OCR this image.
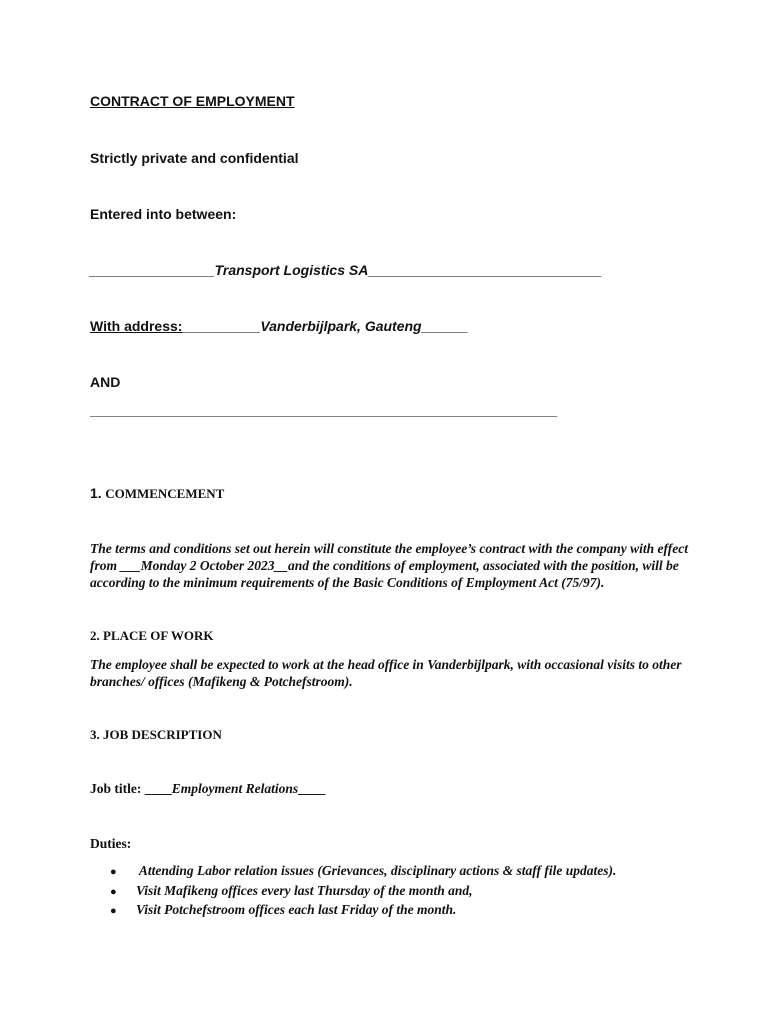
CONTRACT OF EMPLOYMENT
Strictly private and confidential
Entered into between:
________________Transport Logistics SA______________________________
With address:__________Vanderbijlpark, Gauteng______
AND
____________________________________________________________
1. COMMENCEMENT
The terms and conditions set out herein will constitute the employee’s contract with the company with effect from ___Monday 2 October 2023__and the conditions of employment, associated with the position, will be according to the minimum requirements of the Basic Conditions of Employment Act (75/97).
2. PLACE OF WORK
The employee shall be expected to work at the head office in Vanderbijlpark, with occasional visits to other branches/ offices (Mafikeng & Potchefstroom).
3. JOB DESCRIPTION
Job title: ____Employment Relations____
Duties:
● Attending Labor relation issues (Grievances, disciplinary actions & staff file updates).
● Visit Mafikeng offices every last Thursday of the month and,
● Visit Potchefstroom offices each last Friday of the month.
